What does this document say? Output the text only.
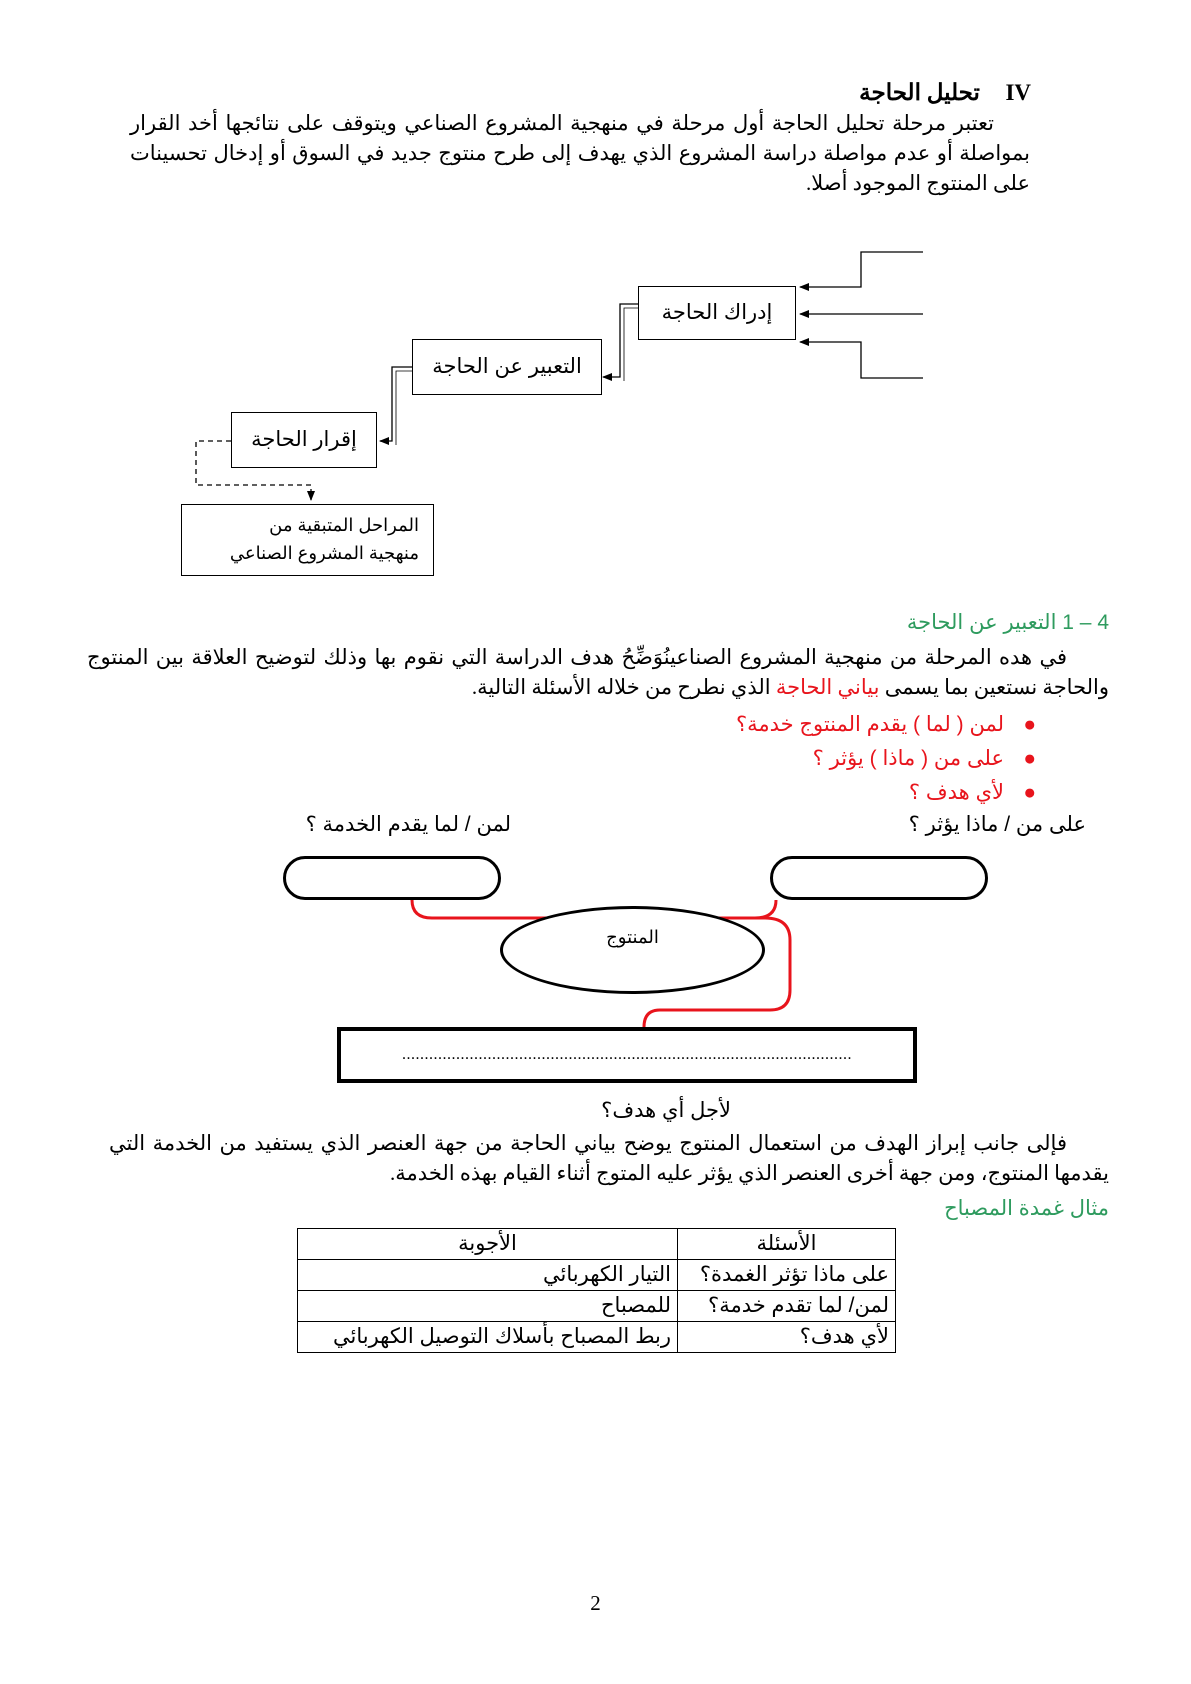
IV  تحليل الحاجة
تعتبر مرحلة تحليل الحاجة أول مرحلة في منهجية المشروع الصناعي ويتوقف على نتائجها أخد القرار بمواصلة أو عدم مواصلة دراسة المشروع الذي يهدف إلى طرح منتوج جديد في السوق أو إدخال تحسينات على المنتوج الموجود أصلا.
إدراك الحاجة
التعبير عن الحاجة
إقرار الحاجة
المراحل المتبقية من
منهجية المشروع الصناعي
4 – 1 التعبير عن الحاجة
في هده المرحلة من منهجية المشروع الصناعينُوَضِّحُ هدف الدراسة التي نقوم بها وذلك لتوضيح العلاقة بين المنتوج والحاجة نستعين بما يسمى بياني الحاجة الذي نطرح من خلاله الأسئلة التالية.
●لمن ( لما ) يقدم المنتوج خدمة؟
●على من ( ماذا ) يؤثر ؟
●لأي هدف ؟
على من / ماذا يؤثر ؟
لمن / لما يقدم الخدمة ؟
المنتوج
....................................................................................................
لأجل أي هدف؟
فإلى جانب إبراز الهدف من استعمال المنتوج يوضح بياني الحاجة من جهة العنصر الذي يستفيد من الخدمة التي يقدمها المنتوج، ومن جهة أخرى العنصر الذي يؤثر عليه المتوج أثناء القيام بهذه الخدمة.
مثال غمدة المصباح
الأسئلة	الأجوبة
على ماذا تؤثر الغمدة؟	التيار الكهربائي
لمن/ لما تقدم خدمة؟	للمصباح
لأي هدف؟	ربط المصباح بأسلاك التوصيل الكهربائي
2
